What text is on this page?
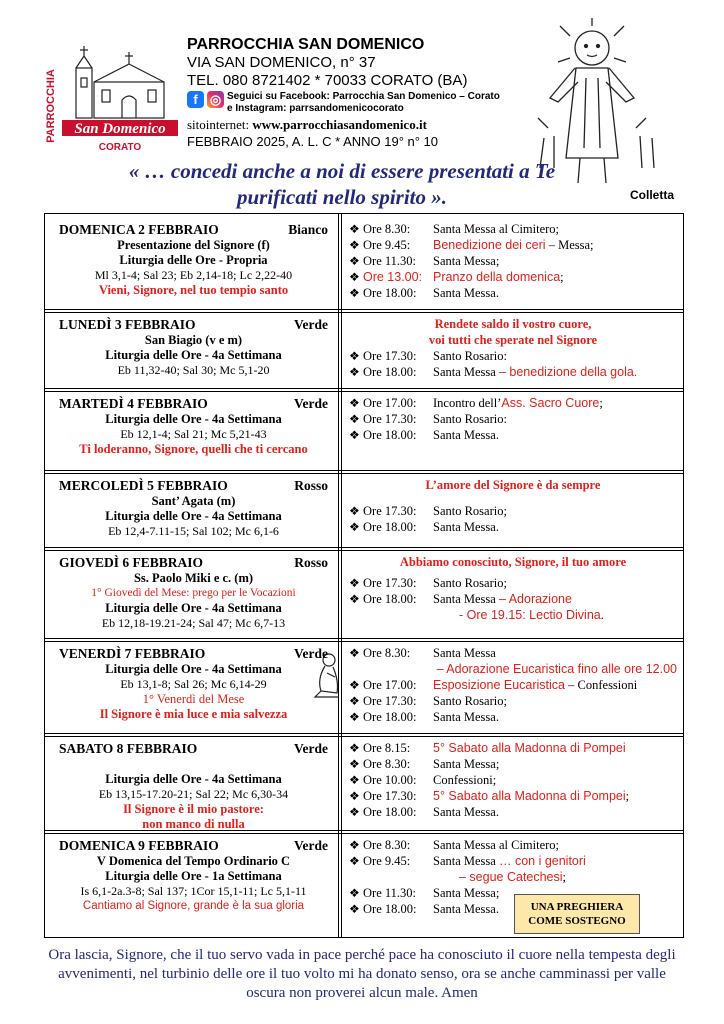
PARROCCHIA San Domenico
CORATO
PARROCCHIA SAN DOMENICO
VIA SAN DOMENICO, n° 37
TEL. 080 8721402 * 70033 CORATO (BA)
f ◎ Seguici su Facebook: Parrocchia San Domenico – Corato
e Instagram: parrsandomenicocorato
sitointernet: www.parrocchiasandomenico.it
FEBBRAIO 2025, A. L. C * ANNO 19° n° 10
« … concedi anche a noi di essere presentati a Te
purificati nello spirito ».	Colletta
DOMENICA 2 FEBBRAIO	Bianco
Presentazione del Signore (f)
Liturgia delle Ore - Propria
Ml 3,1-4; Sal 23; Eb 2,14-18; Lc 2,22-40
Vieni, Signore, nel tuo tempio santo
❖ Ore 8.30:	Santa Messa al Cimitero;
❖ Ore 9.45:	Benedizione dei ceri – Messa;
❖ Ore 11.30:	Santa Messa;
❖ Ore 13.00: Pranzo della domenica;
❖ Ore 18.00:	Santa Messa.
LUNEDÌ 3 FEBBRAIO	Verde
San Biagio (v e m)
Liturgia delle Ore - 4a Settimana
Eb 11,32-40; Sal 30; Mc 5,1-20
Rendete saldo il vostro cuore,
voi tutti che sperate nel Signore
❖ Ore 17.30:	Santo Rosario:
❖ Ore 18.00:	Santa Messa – benedizione della gola.
MARTEDÌ 4 FEBBRAIO	Verde
Liturgia delle Ore - 4a Settimana
Eb 12,1-4; Sal 21; Mc 5,21-43
Ti loderanno, Signore, quelli che ti cercano
❖ Ore 17.00:	Incontro dell’Ass. Sacro Cuore;
❖ Ore 17.30:	Santo Rosario:
❖ Ore 18.00:	Santa Messa.
MERCOLEDÌ 5 FEBBRAIO	Rosso
Sant’ Agata (m)
Liturgia delle Ore - 4a Settimana
Eb 12,4-7.11-15; Sal 102; Mc 6,1-6
L’amore del Signore è da sempre
❖ Ore 17.30:	Santo Rosario;
❖ Ore 18.00:	Santa Messa.
GIOVEDÌ 6 FEBBRAIO	Rosso
Ss. Paolo Miki e c. (m)
1° Giovedì del Mese: prego per le Vocazioni
Liturgia delle Ore - 4a Settimana
Eb 12,18-19.21-24; Sal 47; Mc 6,7-13
Abbiamo conosciuto, Signore, il tuo amore
❖ Ore 17.30:	Santo Rosario;
❖ Ore 18.00:	Santa Messa – Adorazione
- Ore 19.15: Lectio Divina.
VENERDÌ 7 FEBBRAIO	Verde
Liturgia delle Ore - 4a Settimana
Eb 13,1-8; Sal 26; Mc 6,14-29
1° Venerdì del Mese
Il Signore è mia luce e mia salvezza
❖ Ore 8.30:	Santa Messa
– Adorazione Eucaristica fino alle ore 12.00
❖ Ore 17.00:	Esposizione Eucaristica – Confessioni
❖ Ore 17.30:	Santo Rosario;
❖ Ore 18.00:	Santa Messa.
SABATO 8 FEBBRAIO	Verde

Liturgia delle Ore - 4a Settimana
Eb 13,15-17.20-21; Sal 22; Mc 6,30-34
Il Signore è il mio pastore:
non manco di nulla
❖ Ore 8.15:	5° Sabato alla Madonna di Pompei
❖ Ore 8.30:	Santa Messa;
❖ Ore 10.00:	Confessioni;
❖ Ore 17.30:	5° Sabato alla Madonna di Pompei;
❖ Ore 18.00:	Santa Messa.
DOMENICA 9 FEBBRAIO	Verde
V Domenica del Tempo Ordinario C
Liturgia delle Ore - 1a Settimana
Is 6,1-2a.3-8; Sal 137; 1Cor 15,1-11; Lc 5,1-11
Cantiamo al Signore, grande è la sua gloria
❖ Ore 8.30:	Santa Messa al Cimitero;
❖ Ore 9.45:	Santa Messa … con i genitori
– segue Catechesi;
❖ Ore 11.30:	Santa Messa;
❖ Ore 18.00:	Santa Messa.	UNA PREGHIERA
COME SOSTEGNO
Ora lascia, Signore, che il tuo servo vada in pace perché pace ha conosciuto il cuore nella tempesta degli avvenimenti, nel turbinio delle ore il tuo volto mi ha donato senso, ora se anche camminassi per valle oscura non proverei alcun male. Amen
